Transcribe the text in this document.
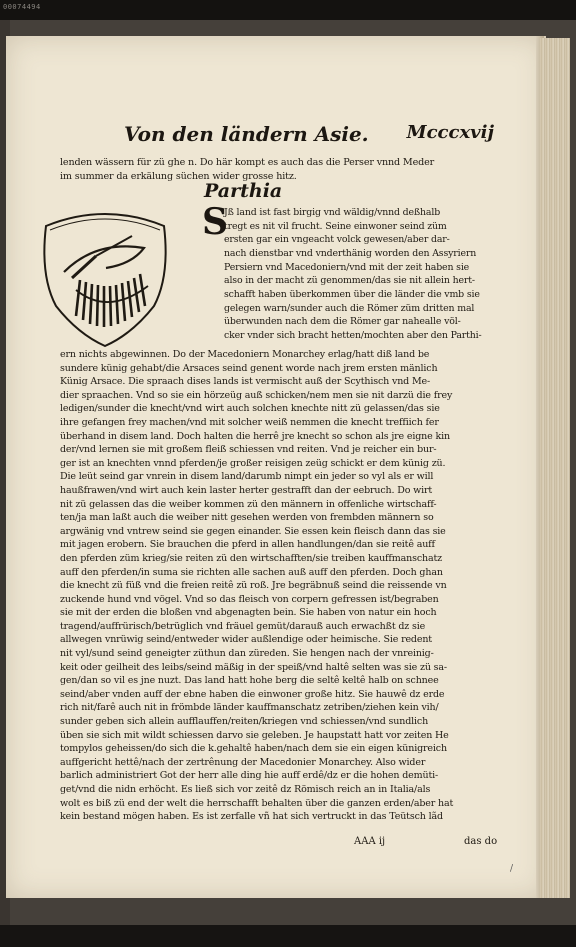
00074494
Von den ländern Asie. Mcccxvij
lenden wässern für zü ghe n. Do här kompt es auch das die Perser vnnd Meder
im summer da erkälung süchen wider grosse hitz.
Parthia
S
Jß land ist fast birgig vnd wäldig/vnnd deßhalb
tregt es nit vil frucht. Seine einwoner seind züm
ersten gar ein vngeacht volck gewesen/aber dar-
nach dienstbar vnd vnderthänig worden den Assyriern
Persiern vnd Macedoniern/vnd mit der zeit haben sie
also in der macht zü genommen/das sie nit allein hert-
schafft haben überkommen über die länder die vmb sie
gelegen warn/sunder auch die Römer züm dritten mal
überwunden nach dem die Römer gar nahealle völ-
cker vnder sich bracht hetten/mochten aber den Parthi-
ern nichts abgewinnen. Do der Macedoniern Monarchey erlag/hatt diß land be
sundere künig gehabt/die Arsaces seind genent worde nach jrem ersten mänlich
Künig Arsace. Die spraach dises lands ist vermischt auß der Scythisch vnd Me-
dier spraachen. Vnd so sie ein hörzeüg auß schicken/nem men sie nit darzü die frey
ledigen/sunder die knecht/vnd wirt auch solchen knechte nitt zü gelassen/das sie
ihre gefangen frey machen/vnd mit solcher weiß nemmen die knecht treffiich fer
überhand in disem land. Doch halten die herrê jre knecht so schon als jre eigne kin
der/vnd lernen sie mit großem fleiß schiessen vnd reiten. Vnd je reicher ein bur-
ger ist an knechten vnnd pferden/je großer reisigen zeüg schickt er dem künig zü.
Die leüt seind gar vnrein in disem land/darumb nimpt ein jeder so vyl als er will
haußfrawen/vnd wirt auch kein laster herter gestrafft dan der eebruch. Do wirt
nit zü gelassen das die weiber kommen zü den männern in offenliche wirtschaff-
ten/ja man laßt auch die weiber nitt gesehen werden von frembden männern so
argwänig vnd vntrew seind sie gegen einander. Sie essen kein fleisch dann das sie
mit jagen erobern. Sie brauchen die pferd in allen handlungen/dan sie reitê auff
den pferden züm krieg/sie reiten zü den wirtschafften/sie treiben kauffmanschatz
auff den pferden/in suma sie richten alle sachen auß auff den pferden. Doch ghan
die knecht zü füß vnd die freien reitê zü roß. Jre begräbnuß seind die reissende vn
zuckende hund vnd vögel. Vnd so das fleisch von corpern gefressen ist/begraben
sie mit der erden die bloßen vnd abgenagten bein. Sie haben von natur ein hoch
tragend/auffrürisch/betrüglich vnd fräuel gemüt/darauß auch erwachßt dz sie
allwegen vnrüwig seind/entweder wider außlendige oder heimische. Sie redent
nit vyl/sund seind geneigter züthun dan züreden. Sie hengen nach der vnreinig-
keit oder geilheit des leibs/seind mäßig in der speiß/vnd haltê selten was sie zü sa-
gen/dan so vil es jne nuzt. Das land hatt hohe berg die seltê keltê halb on schnee
seind/aber vnden auff der ebne haben die einwoner große hitz. Sie hauwê dz erde
rich nit/farê auch nit in frömbde länder kauffmanschatz zetriben/ziehen kein vih/
sunder geben sich allein aufflauffen/reiten/kriegen vnd schiessen/vnd sundlich
üben sie sich mit wildt schiessen darvo sie geleben. Je haupstatt hatt vor zeiten He
tompylos geheissen/do sich die k.gehaltê haben/nach dem sie ein eigen künigreich
auffgericht hettê/nach der zertrênung der Macedonier Monarchey. Also wider
barlich administriert Got der herr alle ding hie auff erdê/dz er die hohen demüti-
get/vnd die nidn erhöcht. Es ließ sich vor zeitê dz Römisch reich an in Italia/als
wolt es biß zü end der welt die herrschafft behalten über die ganzen erden/aber hat
kein bestand mögen haben. Es ist zerfalle vñ hat sich vertruckt in das Teütsch lãd
AAA ij	das do
/
